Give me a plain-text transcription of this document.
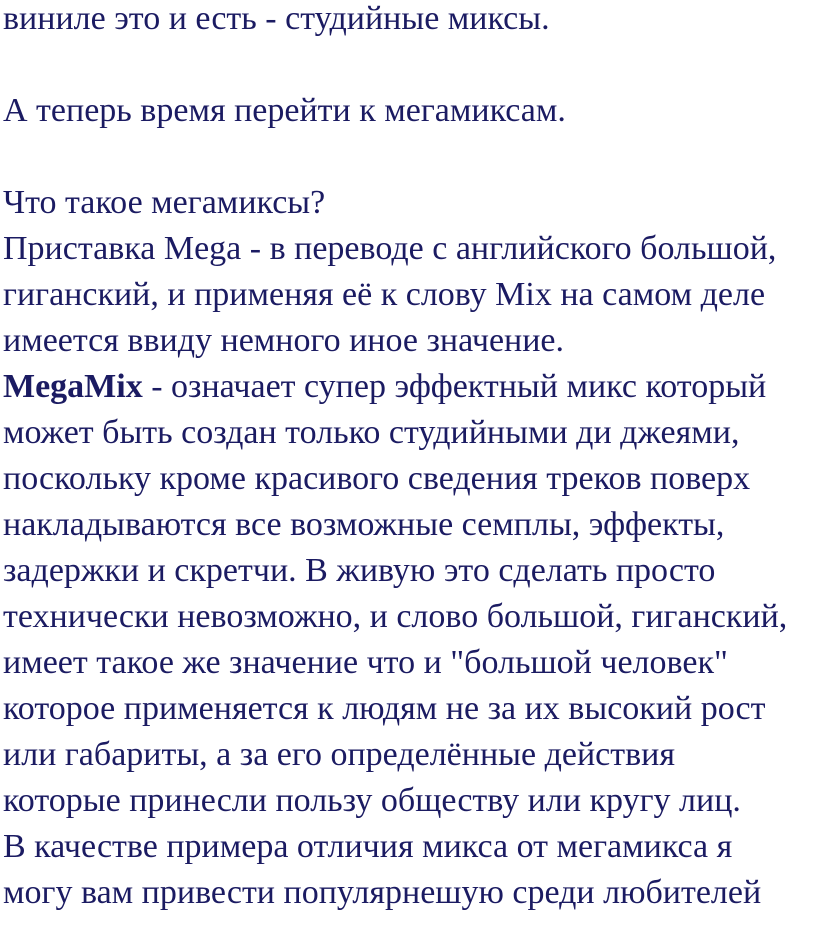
виниле это и есть - студийные миксы.

А теперь время перейти к мегамиксам.

Что такое мегамиксы?
Приставка Mega - в переводе с английского большой,
гиганский, и применяя её к слову Mix на самом деле
имеется ввиду немного иное значение.
MegaMix - означает супер эффектный микс который
может быть создан только студийными ди джеями,
поскольку кроме красивого сведения треков поверх
накладываются все возможные семплы, эффекты,
задержки и скретчи. В живую это сделать просто
технически невозможно, и слово большой, гиганский,
имеет такое же значение что и "большой человек"
которое применяется к людям не за их высокий рост
или габариты, а за его определённые действия
которые принесли пользу обществу или кругу лиц.
В качестве примера отличия микса от мегамикса я
могу вам привести популярнешую среди любителей
